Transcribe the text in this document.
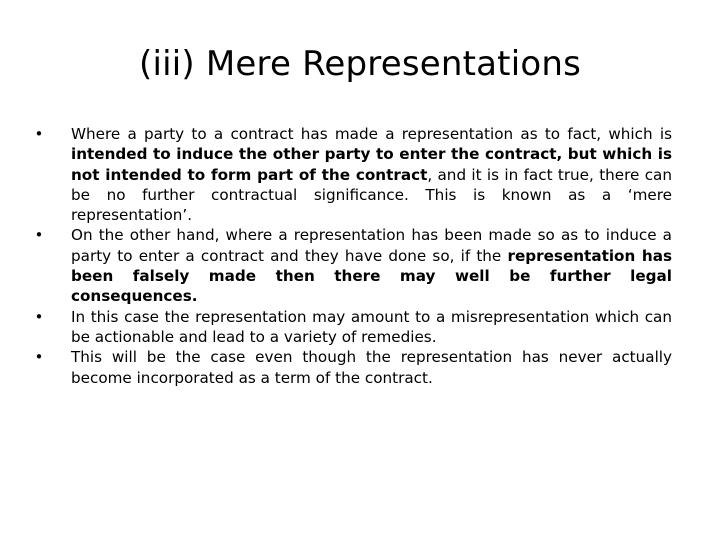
(iii) Mere Representations
• Where a party to a contract has made a representation as to fact, which is intended to induce the other party to enter the contract, but which is not intended to form part of the contract, and it is in fact true, there can be no further contractual significance. This is known as a ‘mere representation’.
• On the other hand, where a representation has been made so as to induce a party to enter a contract and they have done so, if the representation has been falsely made then there may well be further legal consequences.
• In this case the representation may amount to a misrepresentation which can be actionable and lead to a variety of remedies.
• This will be the case even though the representation has never actually become incorporated as a term of the contract.
